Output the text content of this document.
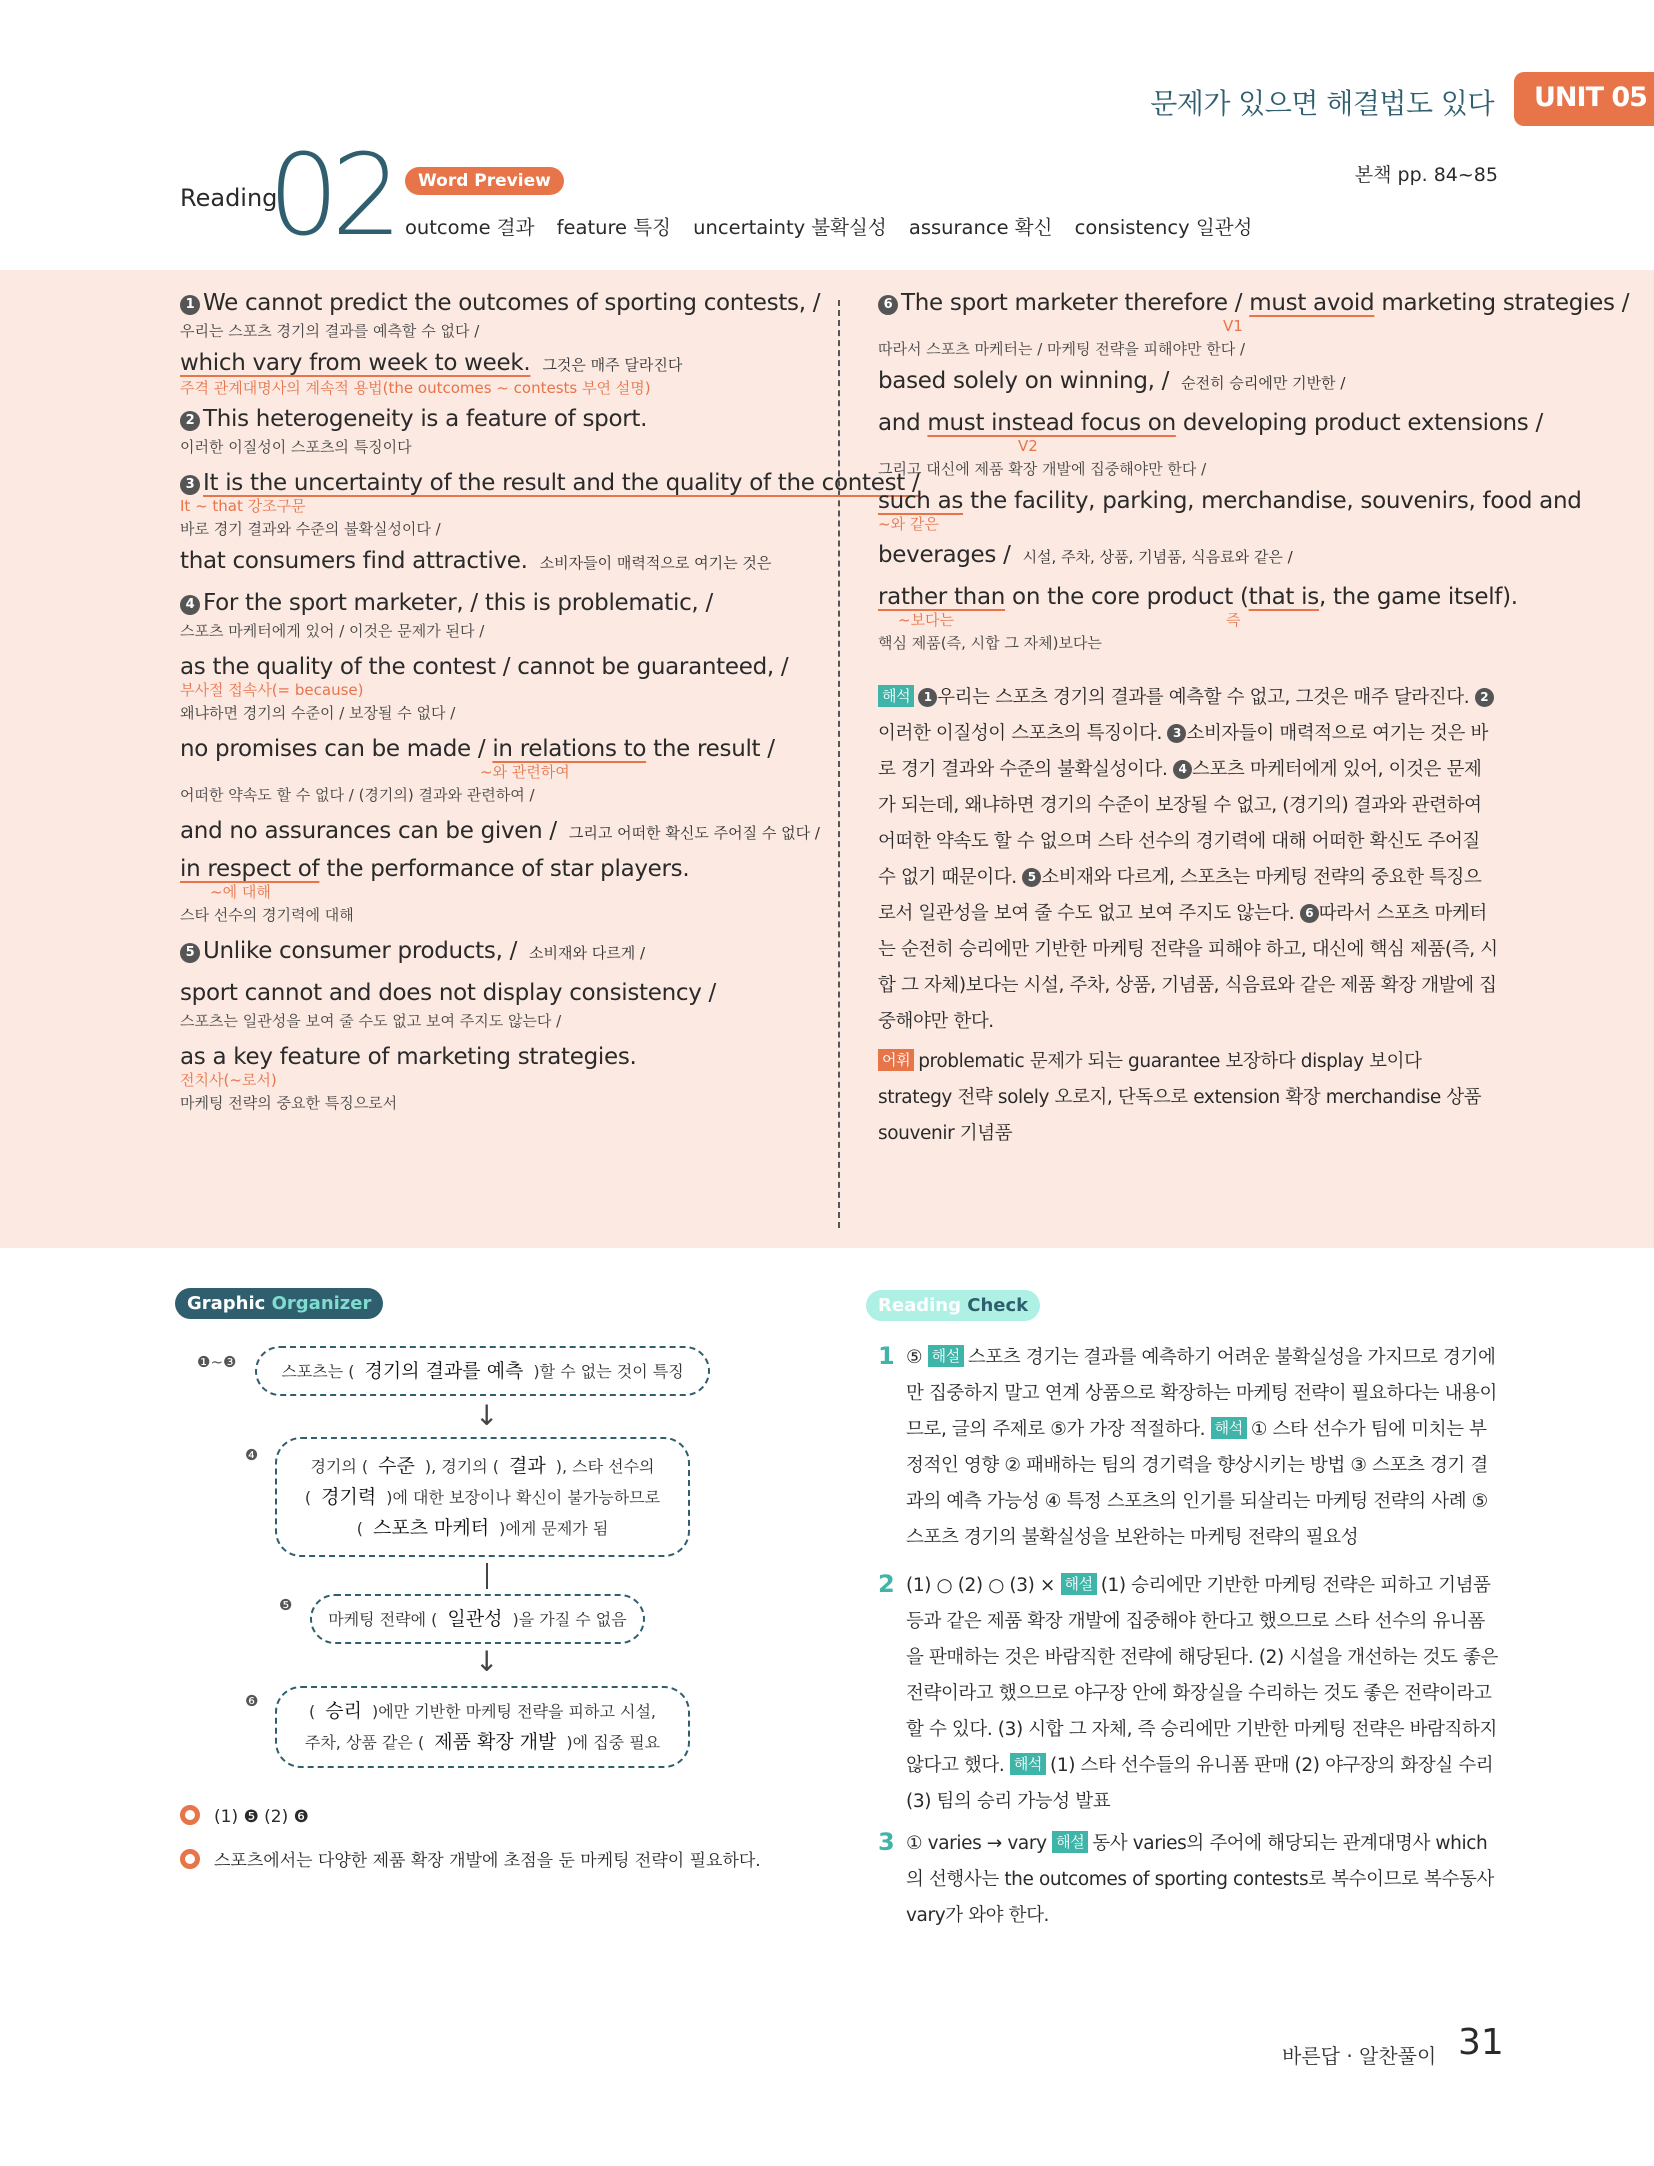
문제가 있으면 해결법도 있다	UNIT 05
Reading
02	Word Preview
outcome 결과 feature 특징 uncertainty 불확실성 assurance 확신 consistency 일관성
본책 pp. 84~85
1 We cannot predict the outcomes of sporting contests, /
우리는 스포츠 경기의 결과를 예측할 수 없다 /
which vary from week to week. 그것은 매주 달라진다
주격 관계대명사의 계속적 용법(the outcomes ~ contests 부연 설명)
2 This heterogeneity is a feature of sport.
이러한 이질성이 스포츠의 특징이다
3 It is the uncertainty of the result and the quality of the contest /
It ~ that 강조구문
바로 경기 결과와 수준의 불확실성이다 /
that consumers find attractive. 소비자들이 매력적으로 여기는 것은
4 For the sport marketer, / this is problematic, /
스포츠 마케터에게 있어 / 이것은 문제가 된다 /
as the quality of the contest / cannot be guaranteed, /
부사절 접속사(= because)
왜냐하면 경기의 수준이 / 보장될 수 없다 /
no promises can be made / in relations to the result /
~와 관련하여
어떠한 약속도 할 수 없다 / (경기의) 결과와 관련하여 /
and no assurances can be given / 그리고 어떠한 확신도 주어질 수 없다 /
in respect of the performance of star players.
~에 대해
스타 선수의 경기력에 대해
5 Unlike consumer products, / 소비재와 다르게 /
sport cannot and does not display consistency /
스포츠는 일관성을 보여 줄 수도 없고 보여 주지도 않는다 /
as a key feature of marketing strategies.
전치사(~로서)
마케팅 전략의 중요한 특징으로서
6 The sport marketer therefore / must avoid marketing strategies /
V1
따라서 스포츠 마케터는 / 마케팅 전략을 피해야만 한다 /
based solely on winning, / 순전히 승리에만 기반한 /
and must instead focus on developing product extensions /
V2
그리고 대신에 제품 확장 개발에 집중해야만 한다 /
such as the facility, parking, merchandise, souvenirs, food and
~와 같은
beverages / 시설, 주차, 상품, 기념품, 식음료와 같은 /
rather than on the core product (that is, the game itself).
~보다는	즉
핵심 제품(즉, 시합 그 자체)보다는
해석 1 우리는 스포츠 경기의 결과를 예측할 수 없고, 그것은 매주 달라진다. 2이러한 이질성이 스포츠의 특징이다. 3 소비자들이 매력적으로 여기는 것은 바로 경기 결과와 수준의 불확실성이다. 4 스포츠 마케터에게 있어, 이것은 문제가 되는데, 왜냐하면 경기의 수준이 보장될 수 없고, (경기의) 결과와 관련하여 어떠한 약속도 할 수 없으며 스타 선수의 경기력에 대해 어떠한 확신도 주어질 수 없기 때문이다. 5 소비재와 다르게, 스포츠는 마케팅 전략의 중요한 특징으로서 일관성을 보여 줄 수도 없고 보여 주지도 않는다. 6 따라서 스포츠 마케터는 순전히 승리에만 기반한 마케팅 전략을 피해야 하고, 대신에 핵심 제품(즉, 시합 그 자체)보다는 시설, 주차, 상품, 기념품, 식음료와 같은 제품 확장 개발에 집중해야만 한다.
어휘 problematic 문제가 되는 guarantee 보장하다 display 보이다 strategy 전략 solely 오로지, 단독으로 extension 확장 merchandise 상품 souvenir 기념품
Graphic Organizer
❶~❸	스포츠는 ( 경기의 결과를 예측 )할 수 없는 것이 특징
↓
❹
경기의 ( 수준 ), 경기의 ( 결과 ), 스타 선수의
( 경기력 )에 대한 보장이나 확신이 불가능하므로
( 스포츠 마케터 )에게 문제가 됨
❺
마케팅 전략에 ( 일관성 )을 가질 수 없음
↓
❻
( 승리 )에만 기반한 마케팅 전략을 피하고 시설,
주차, 상품 같은 ( 제품 확장 개발 )에 집중 필요
(1) ❺ (2) ❻
스포츠에서는 다양한 제품 확장 개발에 초점을 둔 마케팅 전략이 필요하다.
Reading Check
1 ⑤ 해설 스포츠 경기는 결과를 예측하기 어려운 불확실성을 가지므로 경기에만 집중하지 말고 연계 상품으로 확장하는 마케팅 전략이 필요하다는 내용이므로, 글의 주제로 ⑤가 가장 적절하다. 해석 ① 스타 선수가 팀에 미치는 부정적인 영향 ② 패배하는 팀의 경기력을 향상시키는 방법 ③ 스포츠 경기 결과의 예측 가능성 ④ 특정 스포츠의 인기를 되살리는 마케팅 전략의 사례 ⑤ 스포츠 경기의 불확실성을 보완하는 마케팅 전략의 필요성
2 (1) ○ (2) ○ (3) × 해설 (1) 승리에만 기반한 마케팅 전략은 피하고 기념품 등과 같은 제품 확장 개발에 집중해야 한다고 했으므로 스타 선수의 유니폼을 판매하는 것은 바람직한 전략에 해당된다. (2) 시설을 개선하는 것도 좋은 전략이라고 했으므로 야구장 안에 화장실을 수리하는 것도 좋은 전략이라고 할 수 있다. (3) 시합 그 자체, 즉 승리에만 기반한 마케팅 전략은 바람직하지 않다고 했다. 해석 (1) 스타 선수들의 유니폼 판매 (2) 야구장의 화장실 수리 (3) 팀의 승리 가능성 발표
3 ① varies → vary 해설 동사 varies의 주어에 해당되는 관계대명사 which의 선행사는 the outcomes of sporting contests로 복수이므로 복수동사 vary가 와야 한다.
바른답 · 알찬풀이 31
